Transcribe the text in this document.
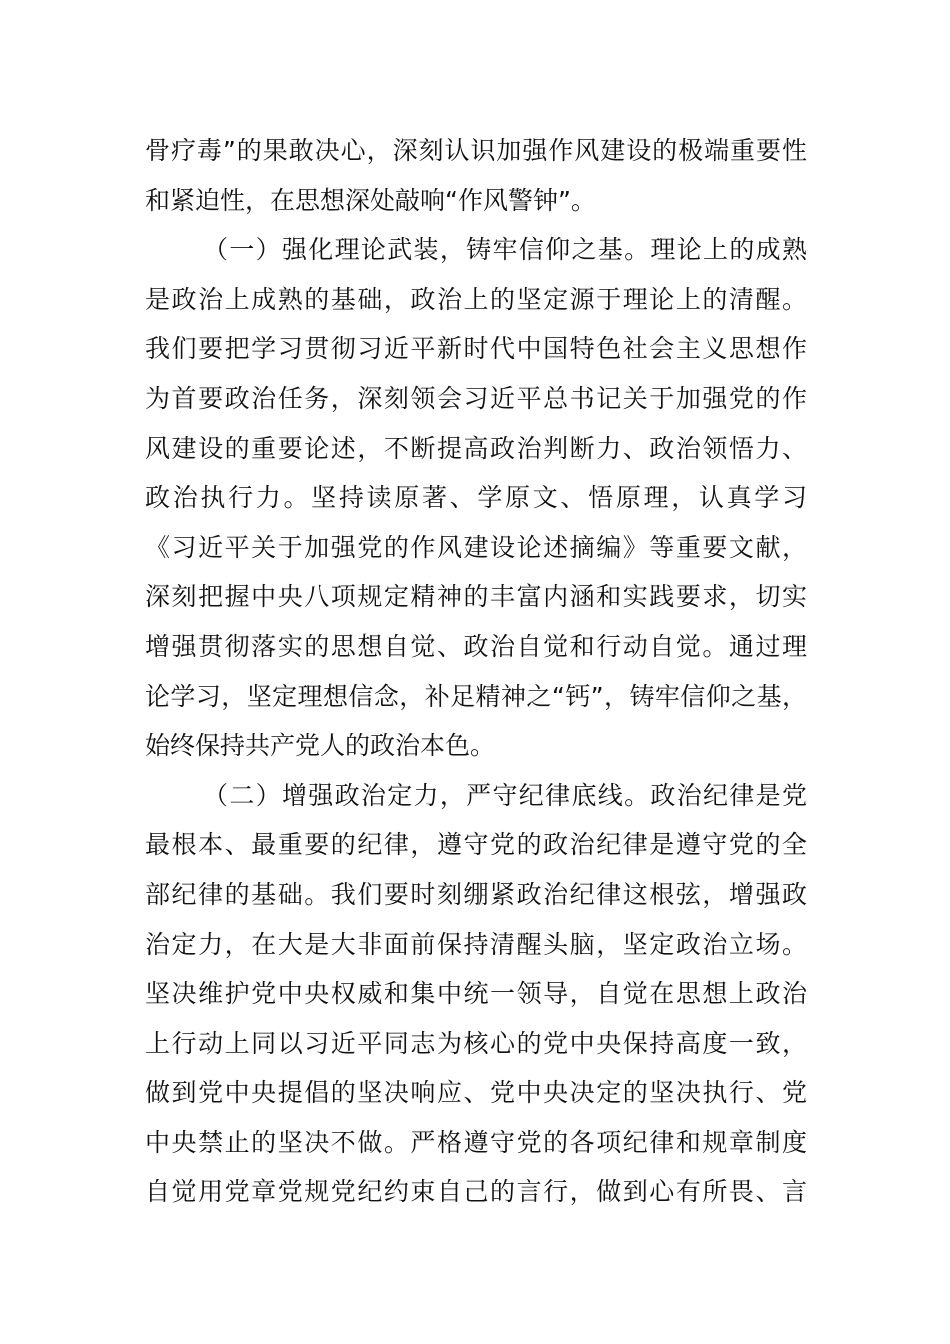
骨疗毒”的果敢决心，深刻认识加强作风建设的极端重要性
和紧迫性，在思想深处敲响“作风警钟”。
（一）强化理论武装，铸牢信仰之基。理论上的成熟
是政治上成熟的基础，政治上的坚定源于理论上的清醒。
我们要把学习贯彻习近平新时代中国特色社会主义思想作
为首要政治任务，深刻领会习近平总书记关于加强党的作
风建设的重要论述，不断提高政治判断力、政治领悟力、
政治执行力。坚持读原著、学原文、悟原理，认真学习
《习近平关于加强党的作风建设论述摘编》等重要文献，
深刻把握中央八项规定精神的丰富内涵和实践要求，切实
增强贯彻落实的思想自觉、政治自觉和行动自觉。通过理
论学习，坚定理想信念，补足精神之“钙”，铸牢信仰之基，
始终保持共产党人的政治本色。
（二）增强政治定力，严守纪律底线。政治纪律是党
最根本、最重要的纪律，遵守党的政治纪律是遵守党的全
部纪律的基础。我们要时刻绷紧政治纪律这根弦，增强政
治定力，在大是大非面前保持清醒头脑，坚定政治立场。
坚决维护党中央权威和集中统一领导，自觉在思想上政治
上行动上同以习近平同志为核心的党中央保持高度一致，
做到党中央提倡的坚决响应、党中央决定的坚决执行、党
中央禁止的坚决不做。严格遵守党的各项纪律和规章制度
自觉用党章党规党纪约束自己的言行，做到心有所畏、言
